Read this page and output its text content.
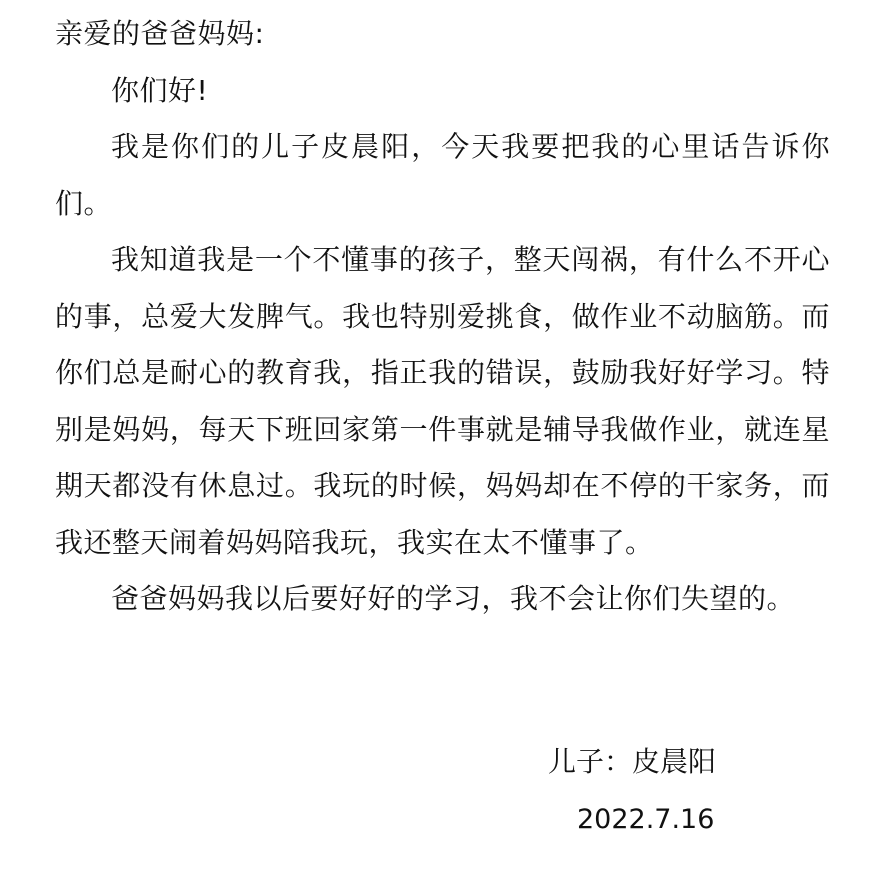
亲爱的爸爸妈妈:

你们好!

我是你们的儿子皮晨阳，今天我要把我的心里话告诉你们。

我知道我是一个不懂事的孩子，整天闯祸，有什么不开心的事，总爱大发脾气。我也特别爱挑食，做作业不动脑筋。而你们总是耐心的教育我，指正我的错误，鼓励我好好学习。特别是妈妈，每天下班回家第一件事就是辅导我做作业，就连星期天都没有休息过。我玩的时候，妈妈却在不停的干家务，而我还整天闹着妈妈陪我玩，我实在太不懂事了。

爸爸妈妈我以后要好好的学习，我不会让你们失望的。

儿子：皮晨阳
2022.7.16
